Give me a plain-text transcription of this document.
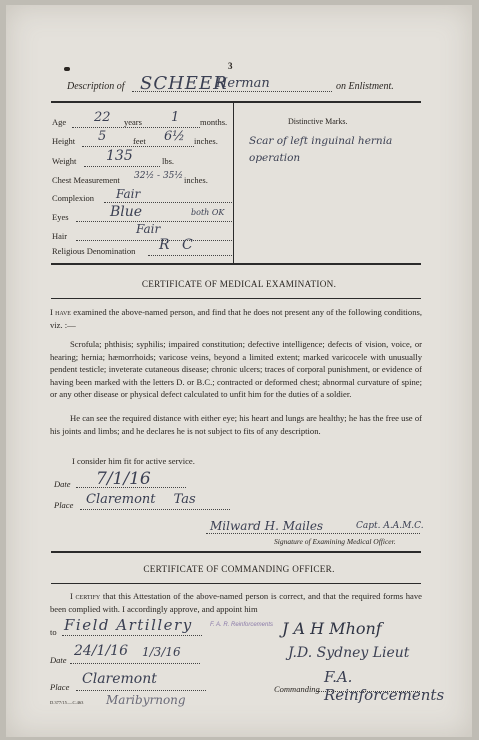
3
Description of SCHEER
Herman	on Enlistment.
Age 22 years 1 months.
Height 5	feet 6½ inches.
Weight 135	lbs.
Chest Measurement 32½ - 35½ inches.
Complexion Fair
Eyes	Blue	both OK
Hair	Fair
Religious Denomination R C
Distinctive Marks.
Scar of left inguinal hernia operation
CERTIFICATE OF MEDICAL EXAMINATION.
I have examined the above-named person, and find that he does not present any of the following conditions, viz. :—
Scrofula; phthisis; syphilis; impaired constitution; defective intelligence; defects of vision, voice, or hearing; hernia; hæmorrhoids; varicose veins, beyond a limited extent; marked varicocele with unusually pendent testicle; inveterate cutaneous disease; chronic ulcers; traces of corporal punishment, or evidence of having been marked with the letters D. or B.C.; contracted or deformed chest; abnormal curvature of spine; or any other disease or physical defect calculated to unfit him for the duties of a soldier.
He can see the required distance with either eye; his heart and lungs are healthy; he has the free use of his joints and limbs; and he declares he is not subject to fits of any description.
I consider him fit for active service.
Date 7/1/16
Place Claremont Tas
Milward H. Mailes	Capt. A.A.M.C.
Signature of Examining Medical Officer.
CERTIFICATE OF COMMANDING OFFICER.
I certify that this Attestation of the above-named person is correct, and that the required forms have been complied with. I accordingly approve, and appoint him
to Field Artillery	F. A. R. Reinforcements J A H Mhonf
Date
24/1/16 1/3/16	J.D. Sydney Lieut
Place Claremont
Commanding
F.A. Reinforcements
D.377/15.—C.463 Maribyrnong
